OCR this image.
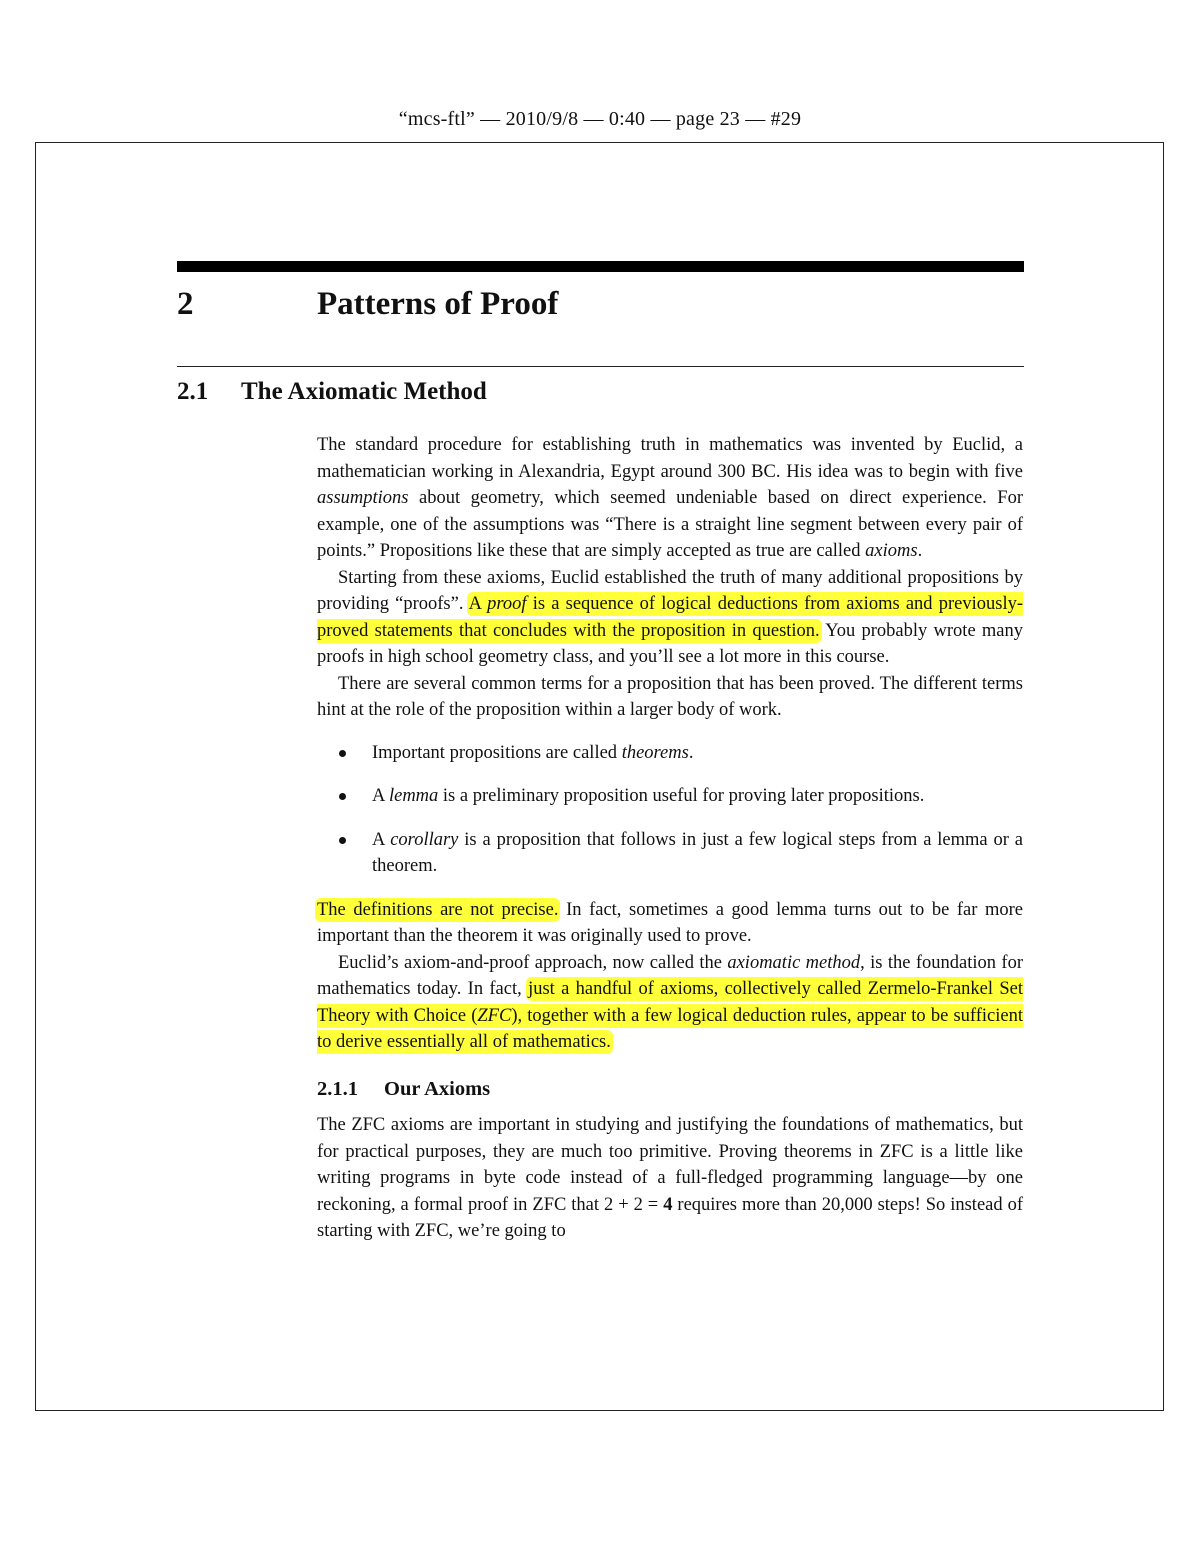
“mcs-ftl” — 2010/9/8 — 0:40 — page 23 — #29
2	Patterns of Proof
2.1 The Axiomatic Method

The standard procedure for establishing truth in mathematics was invented by Euclid, a mathematician working in Alexandria, Egypt around 300 BC. His idea was to begin with five assumptions about geometry, which seemed undeniable based on direct experience. For example, one of the assumptions was “There is a straight line segment between every pair of points.” Propositions like these that are simply accepted as true are called axioms.

Starting from these axioms, Euclid established the truth of many additional propositions by providing “proofs”. A proof is a sequence of logical deductions from axioms and previously-proved statements that concludes with the proposition in question. You probably wrote many proofs in high school geometry class, and you’ll see a lot more in this course.

There are several common terms for a proposition that has been proved. The different terms hint at the role of the proposition within a larger body of work.

Important propositions are called theorems.
A lemma is a preliminary proposition useful for proving later propositions.
A corollary is a proposition that follows in just a few logical steps from a lemma or a theorem.

The definitions are not precise. In fact, sometimes a good lemma turns out to be far more important than the theorem it was originally used to prove.

Euclid’s axiom-and-proof approach, now called the axiomatic method, is the foundation for mathematics today. In fact, just a handful of axioms, collectively called Zermelo-Frankel Set Theory with Choice (ZFC), together with a few logical deduction rules, appear to be sufficient to derive essentially all of mathematics.

2.1.1 Our Axioms

The ZFC axioms are important in studying and justifying the foundations of mathematics, but for practical purposes, they are much too primitive. Proving theorems in ZFC is a little like writing programs in byte code instead of a full-fledged programming language—by one reckoning, a formal proof in ZFC that 2 + 2 = 4 requires more than 20,000 steps! So instead of starting with ZFC, we’re going to
